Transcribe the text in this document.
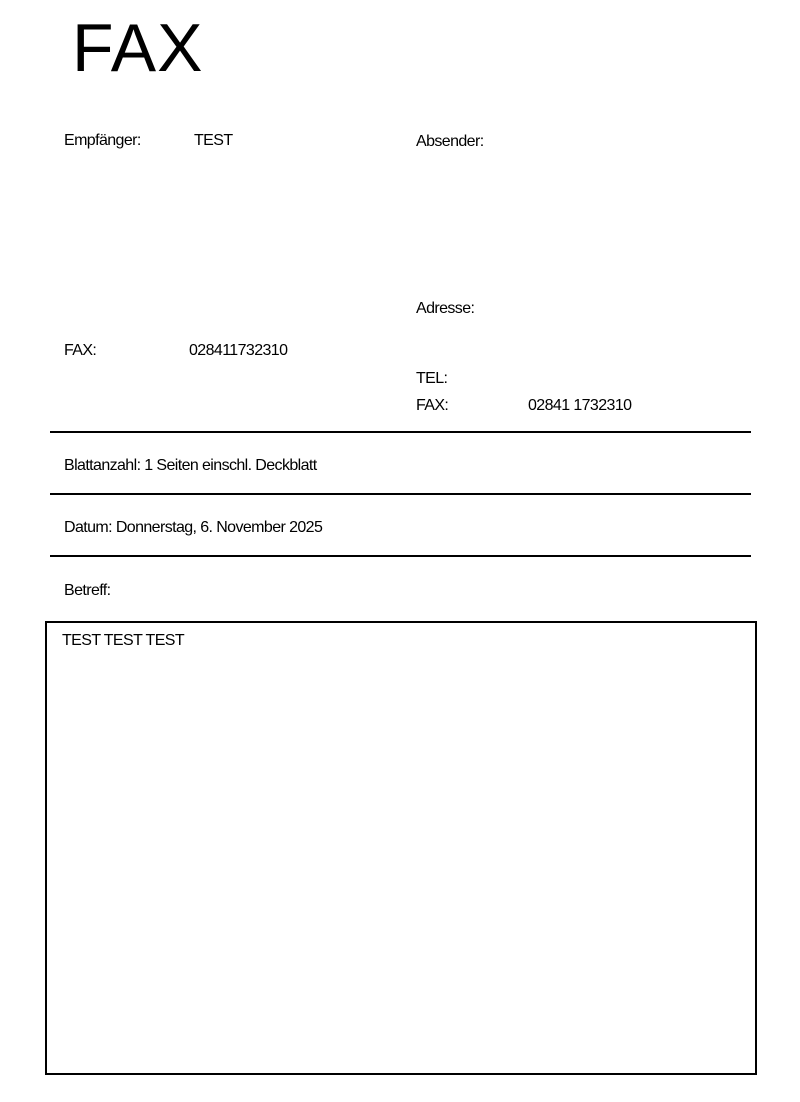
FAX
Empfänger:	TEST
FAX:	028411732310
Absender:
Adresse:
TEL:
FAX:	02841 1732310
Blattanzahl: 1 Seiten einschl. Deckblatt
Datum: Donnerstag, 6. November 2025
Betreff:
TEST TEST TEST
